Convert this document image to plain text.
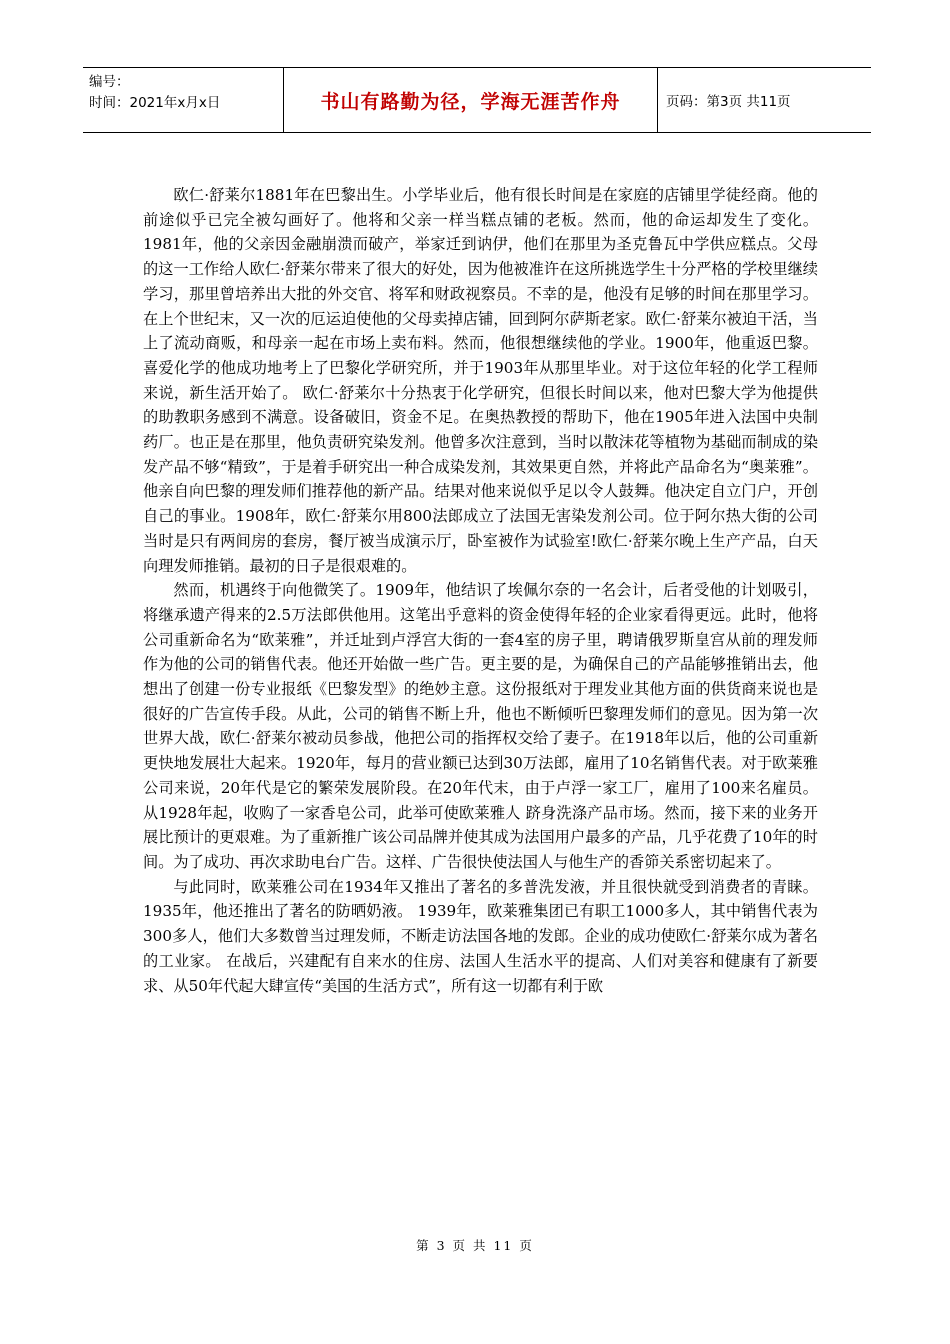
编号：
时间：2021年x月x日	书山有路勤为径，学海无涯苦作舟	页码：第3页 共11页

欧仁·舒莱尔1881年在巴黎出生。小学毕业后，他有很长时间是在家庭的店铺里学徒经商。他的前途似乎已完全被勾画好了。他将和父亲一样当糕点铺的老板。然而，他的命运却发生了变化。1981年，他的父亲因金融崩溃而破产，举家迁到讷伊，他们在那里为圣克鲁瓦中学供应糕点。父母的这一工作给人欧仁·舒莱尔带来了很大的好处，因为他被准许在这所挑选学生十分严格的学校里继续学习，那里曾培养出大批的外交官、将军和财政视察员。不幸的是，他没有足够的时间在那里学习。在上个世纪末，又一次的厄运迫使他的父母卖掉店铺，回到阿尔萨斯老家。欧仁·舒莱尔被迫干活，当上了流动商贩，和母亲一起在市场上卖布料。然而，他很想继续他的学业。1900年，他重返巴黎。喜爱化学的他成功地考上了巴黎化学研究所，并于1903年从那里毕业。对于这位年轻的化学工程师来说，新生活开始了。 欧仁·舒莱尔十分热衷于化学研究，但很长时间以来，他对巴黎大学为他提供的助教职务感到不满意。设备破旧，资金不足。在奥热教授的帮助下，他在1905年进入法国中央制药厂。也正是在那里，他负责研究染发剂。他曾多次注意到，当时以散沫花等植物为基础而制成的染发产品不够“精致”，于是着手研究出一种合成染发剂，其效果更自然，并将此产品命名为“奥莱雅”。他亲自向巴黎的理发师们推荐他的新产品。结果对他来说似乎足以令人鼓舞。他决定自立门户，开创自己的事业。1908年，欧仁·舒莱尔用800法郎成立了法国无害染发剂公司。位于阿尔热大街的公司当时是只有两间房的套房，餐厅被当成演示厅，卧室被作为试验室!欧仁·舒莱尔晚上生产产品，白天向理发师推销。最初的日子是很艰难的。

然而，机遇终于向他微笑了。1909年，他结识了埃佩尔奈的一名会计，后者受他的计划吸引，将继承遗产得来的2.5万法郎供他用。这笔出乎意料的资金使得年轻的企业家看得更远。此时，他将公司重新命名为“欧莱雅”，并迁址到卢浮宫大街的一套4室的房子里，聘请俄罗斯皇宫从前的理发师作为他的公司的销售代表。他还开始做一些广告。更主要的是，为确保自己的产品能够推销出去，他想出了创建一份专业报纸《巴黎发型》的绝妙主意。这份报纸对于理发业其他方面的供货商来说也是很好的广告宣传手段。从此，公司的销售不断上升，他也不断倾听巴黎理发师们的意见。因为第一次世界大战，欧仁·舒莱尔被动员参战，他把公司的指挥权交给了妻子。在1918年以后，他的公司重新更快地发展壮大起来。1920年，每月的营业额已达到30万法郎，雇用了10名销售代表。对于欧莱雅公司来说，20年代是它的繁荣发展阶段。在20年代末，由于卢浮一家工厂，雇用了100来名雇员。从1928年起，收购了一家香皂公司，此举可使欧莱雅人 跻身洗涤产品市场。然而，接下来的业务开展比预计的更艰难。为了重新推广该公司品牌并使其成为法国用户最多的产品，几乎花费了10年的时间。为了成功、再次求助电台广告。这样、广告很快使法国人与他生产的香笷关系密切起来了。

与此同时，欧莱雅公司在1934年又推出了著名的多普洗发液，并且很快就受到消费者的青睐。1935年，他还推出了著名的防晒奶液。 1939年，欧莱雅集团已有职工1000多人，其中销售代表为300多人，他们大多数曾当过理发师，不断走访法国各地的发郎。企业的成功使欧仁·舒莱尔成为著名的工业家。 在战后，兴建配有自来水的住房、法国人生活水平的提高、人们对美容和健康有了新要求、从50年代起大肆宣传“美国的生活方式”，所有这一切都有利于欧

第 3 页 共 11 页
